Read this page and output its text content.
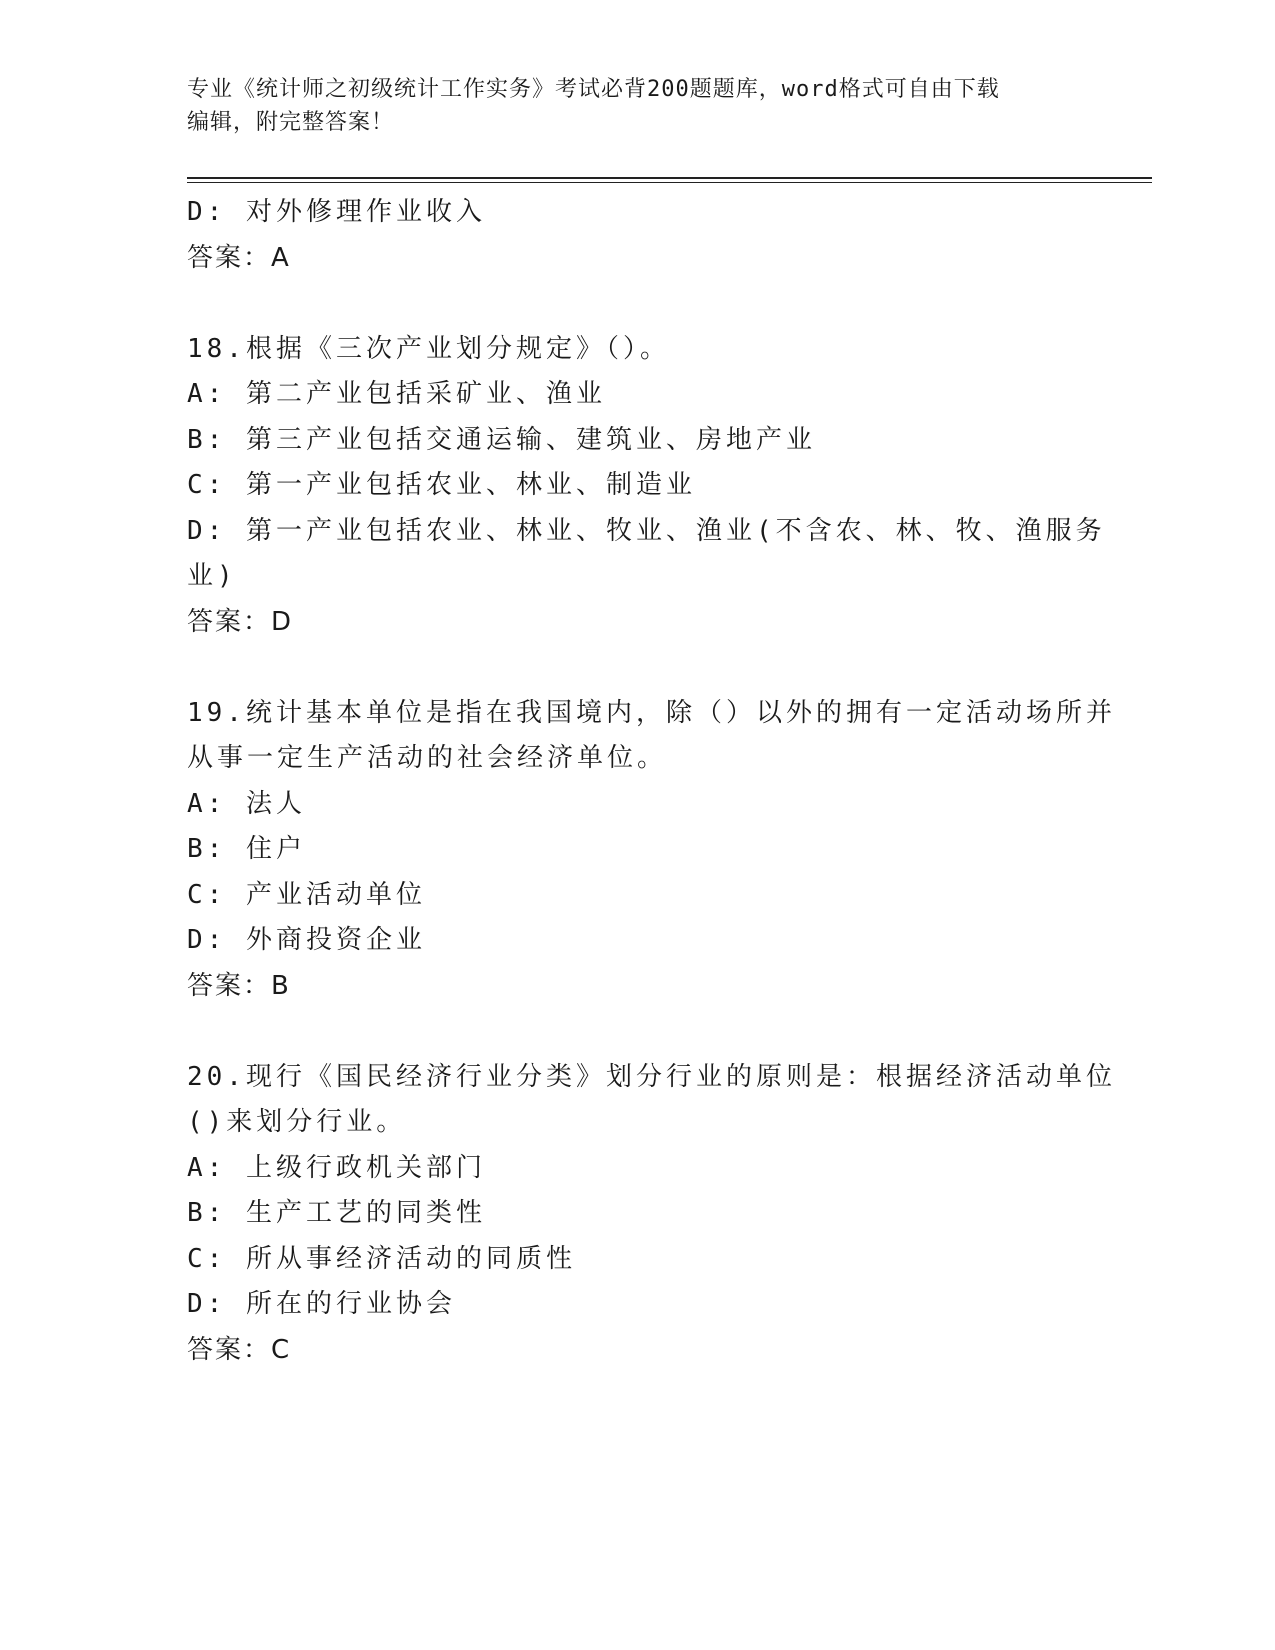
专业《统计师之初级统计工作实务》考试必背200题题库，word格式可自由下载
编辑，附完整答案！
D: 对外修理作业收入
答案：A
18.根据《三次产业划分规定》（）。
A: 第二产业包括采矿业、渔业
B: 第三产业包括交通运输、建筑业、房地产业
C: 第一产业包括农业、林业、制造业
D: 第一产业包括农业、林业、牧业、渔业(不含农、林、牧、渔服务
业)
答案：D
19.统计基本单位是指在我国境内，除（）以外的拥有一定活动场所并
从事一定生产活动的社会经济单位。
A: 法人
B: 住户
C: 产业活动单位
D: 外商投资企业
答案：B
20.现行《国民经济行业分类》划分行业的原则是：根据经济活动单位
()来划分行业。
A: 上级行政机关部门
B: 生产工艺的同类性
C: 所从事经济活动的同质性
D: 所在的行业协会
答案：C
